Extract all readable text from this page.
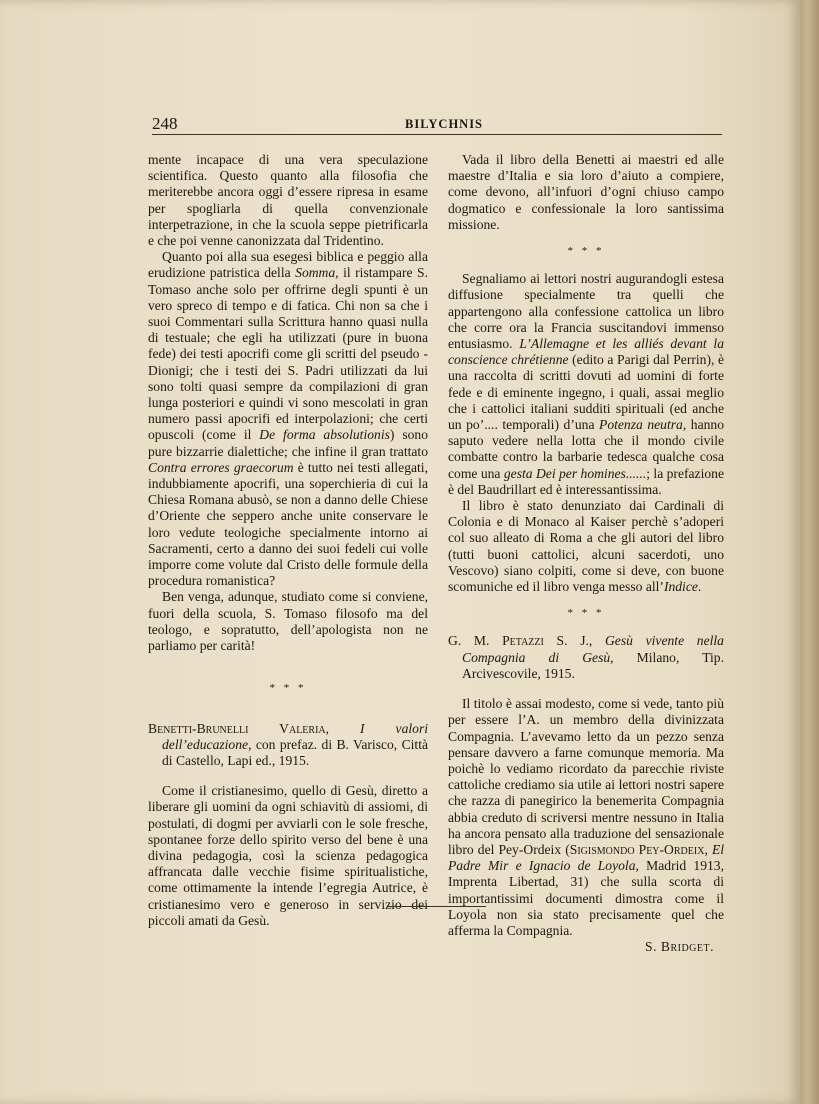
248	BILYCHNIS

mente incapace di una vera speculazione scientifica. Questo quanto alla filosofia che meriterebbe ancora oggi d’essere ripresa in esame per spogliarla di quella convenzionale interpetrazione, in che la scuola seppe pietrificarla e che poi venne canonizzata dal Tridentino.

Quanto poi alla sua esegesi biblica e peggio alla erudizione patristica della Somma, il ristampare S. Tomaso anche solo per offrirne degli spunti è un vero spreco di tempo e di fatica. Chi non sa che i suoi Commentari sulla Scrittura hanno quasi nulla di testuale; che egli ha utilizzati (pure in buona fede) dei testi apocrifi come gli scritti del pseudo - Dionigi; che i testi dei S. Padri utilizzati da lui sono tolti quasi sempre da compilazioni di gran lunga posteriori e quindi vi sono mescolati in gran numero passi apocrifi ed interpolazioni; che certi opuscoli (come il De forma absolutionis) sono pure bizzarrie dialettiche; che infine il gran trattato Contra errores graecorum è tutto nei testi allegati, indubbiamente apocrifi, una soperchieria di cui la Chiesa Romana abusò, se non a danno delle Chiese d’Oriente che seppero anche unite conservare le loro vedute teologiche specialmente intorno ai Sacramenti, certo a danno dei suoi fedeli cui volle imporre come volute dal Cristo delle formule della procedura romanistica?

Ben venga, adunque, studiato come si conviene, fuori della scuola, S. Tomaso filosofo ma del teologo, e sopratutto, dell’apologista non ne parliamo per carità!

* * *

Benetti-Brunelli Valeria, I valori dell’educazione, con prefaz. di B. Varisco, Città di Castello, Lapi ed., 1915.

Come il cristianesimo, quello di Gesù, diretto a liberare gli uomini da ogni schiavitù di assiomi, di postulati, di dogmi per avviarli con le sole fresche, spontanee forze dello spirito verso del bene è una divina pedagogia, così la scienza pedagogica affrancata dalle vecchie fisime spiritualistiche, come ottimamente la intende l’egregia Autrice, è cristianesimo vero e generoso in servizio dei piccoli amati da Gesù.

Vada il libro della Benetti ai maestri ed alle maestre d’Italia e sia loro d’aiuto a compiere, come devono, all’infuori d’ogni chiuso campo dogmatico e confessionale la loro santissima missione.

* * *

Segnaliamo ai lettori nostri augurandogli estesa diffusione specialmente tra quelli che appartengono alla confessione cattolica un libro che corre ora la Francia suscitandovi immenso entusiasmo. L’Allemagne et les alliés devant la conscience chrétienne (edito a Parigi dal Perrin), è una raccolta di scritti dovuti ad uomini di forte fede e di eminente ingegno, i quali, assai meglio che i cattolici italiani sudditi spirituali (ed anche un po’.... temporali) d’una Potenza neutra, hanno saputo vedere nella lotta che il mondo civile combatte contro la barbarie tedesca qualche cosa come una gesta Dei per homines......; la prefazione è del Baudrillart ed è interessantissima.

Il libro è stato denunziato dai Cardinali di Colonia e di Monaco al Kaiser perchè s’adoperi col suo alleato di Roma a che gli autori del libro (tutti buoni cattolici, alcuni sacerdoti, uno Vescovo) siano colpiti, come si deve, con buone scomuniche ed il libro venga messo all’Indice.

* * *

G. M. Petazzi S. J., Gesù vivente nella Compagnia di Gesù, Milano, Tip. Arcivescovile, 1915.

Il titolo è assai modesto, come si vede, tanto più per essere l’A. un membro della divinizzata Compagnia. L’avevamo letto da un pezzo senza pensare davvero a farne comunque memoria. Ma poichè lo vediamo ricordato da parecchie riviste cattoliche crediamo sia utile ai lettori nostri sapere che razza di panegirico la benemerita Compagnia abbia creduto di scriversi mentre nessuno in Italia ha ancora pensato alla traduzione del sensazionale libro del Pey-Ordeix (Sigismondo Pey-Ordeix, El Padre Mir e Ignacio de Loyola, Madrid 1913, Imprenta Libertad, 31) che sulla scorta di importantissimi documenti dimostra come il Loyola non sia stato precisamente quel che afferma la Compagnia.

S. Bridget.
